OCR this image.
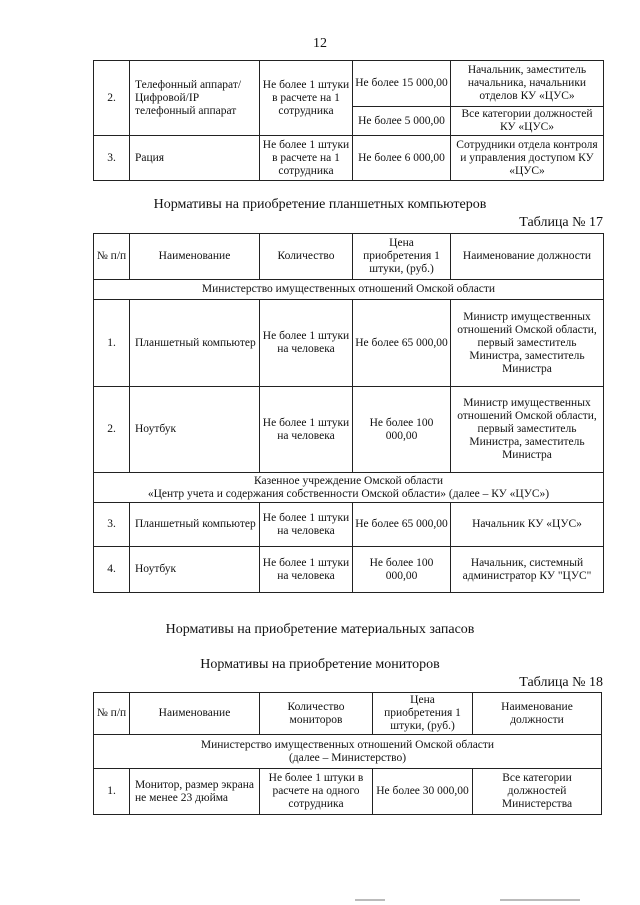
12
2.	Телефонный аппарат/Цифровой/IP телефонный аппарат	Не более 1 штуки в расчете на 1 сотрудника	Не более 15 000,00	Начальник, заместитель начальника, начальники отделов КУ «ЦУС»
			Не более 5 000,00	Все категории должностей КУ «ЦУС»
3.	Рация	Не более 1 штуки в расчете на 1 сотрудника	Не более 6 000,00	Сотрудники отдела контроля и управления доступом КУ «ЦУС»
Нормативы на приобретение планшетных компьютеров
Таблица № 17
№ п/п	Наименование	Количество	Цена приобретения 1 штуки, (руб.)	Наименование должности
Министерство имущественных отношений Омской области				
1.	Планшетный компьютер	Не более 1 штуки на человека	Не более 65 000,00	Министр имущественных отношений Омской области, первый заместитель Министра, заместитель Министра
2.	Ноутбук	Не более 1 штуки на человека	Не более 100 000,00	Министр имущественных отношений Омской области, первый заместитель Министра, заместитель Министра

Казенное учреждение Омской области
«Центр учета и содержания собственности Омской области» (далее – КУ «ЦУС»)				

3.	Планшетный компьютер	Не более 1 штуки на человека	Не более 65 000,00	Начальник КУ «ЦУС»
4.	Ноутбук	Не более 1 штуки на человека	Не более 100 000,00	Начальник, системный администратор КУ "ЦУС"
Нормативы на приобретение материальных запасов
Нормативы на приобретение мониторов
Таблица № 18
№ п/п	Наименование	Количество мониторов	Цена приобретения 1 штуки, (руб.)	Наименование должности

Министерство имущественных отношений Омской области
(далее – Министерство)				

1.	Монитор, размер экрана не менее 23 дюйма	Не более 1 штуки в расчете на одного сотрудника	Не более 30 000,00	Все категории должностей Министерства
